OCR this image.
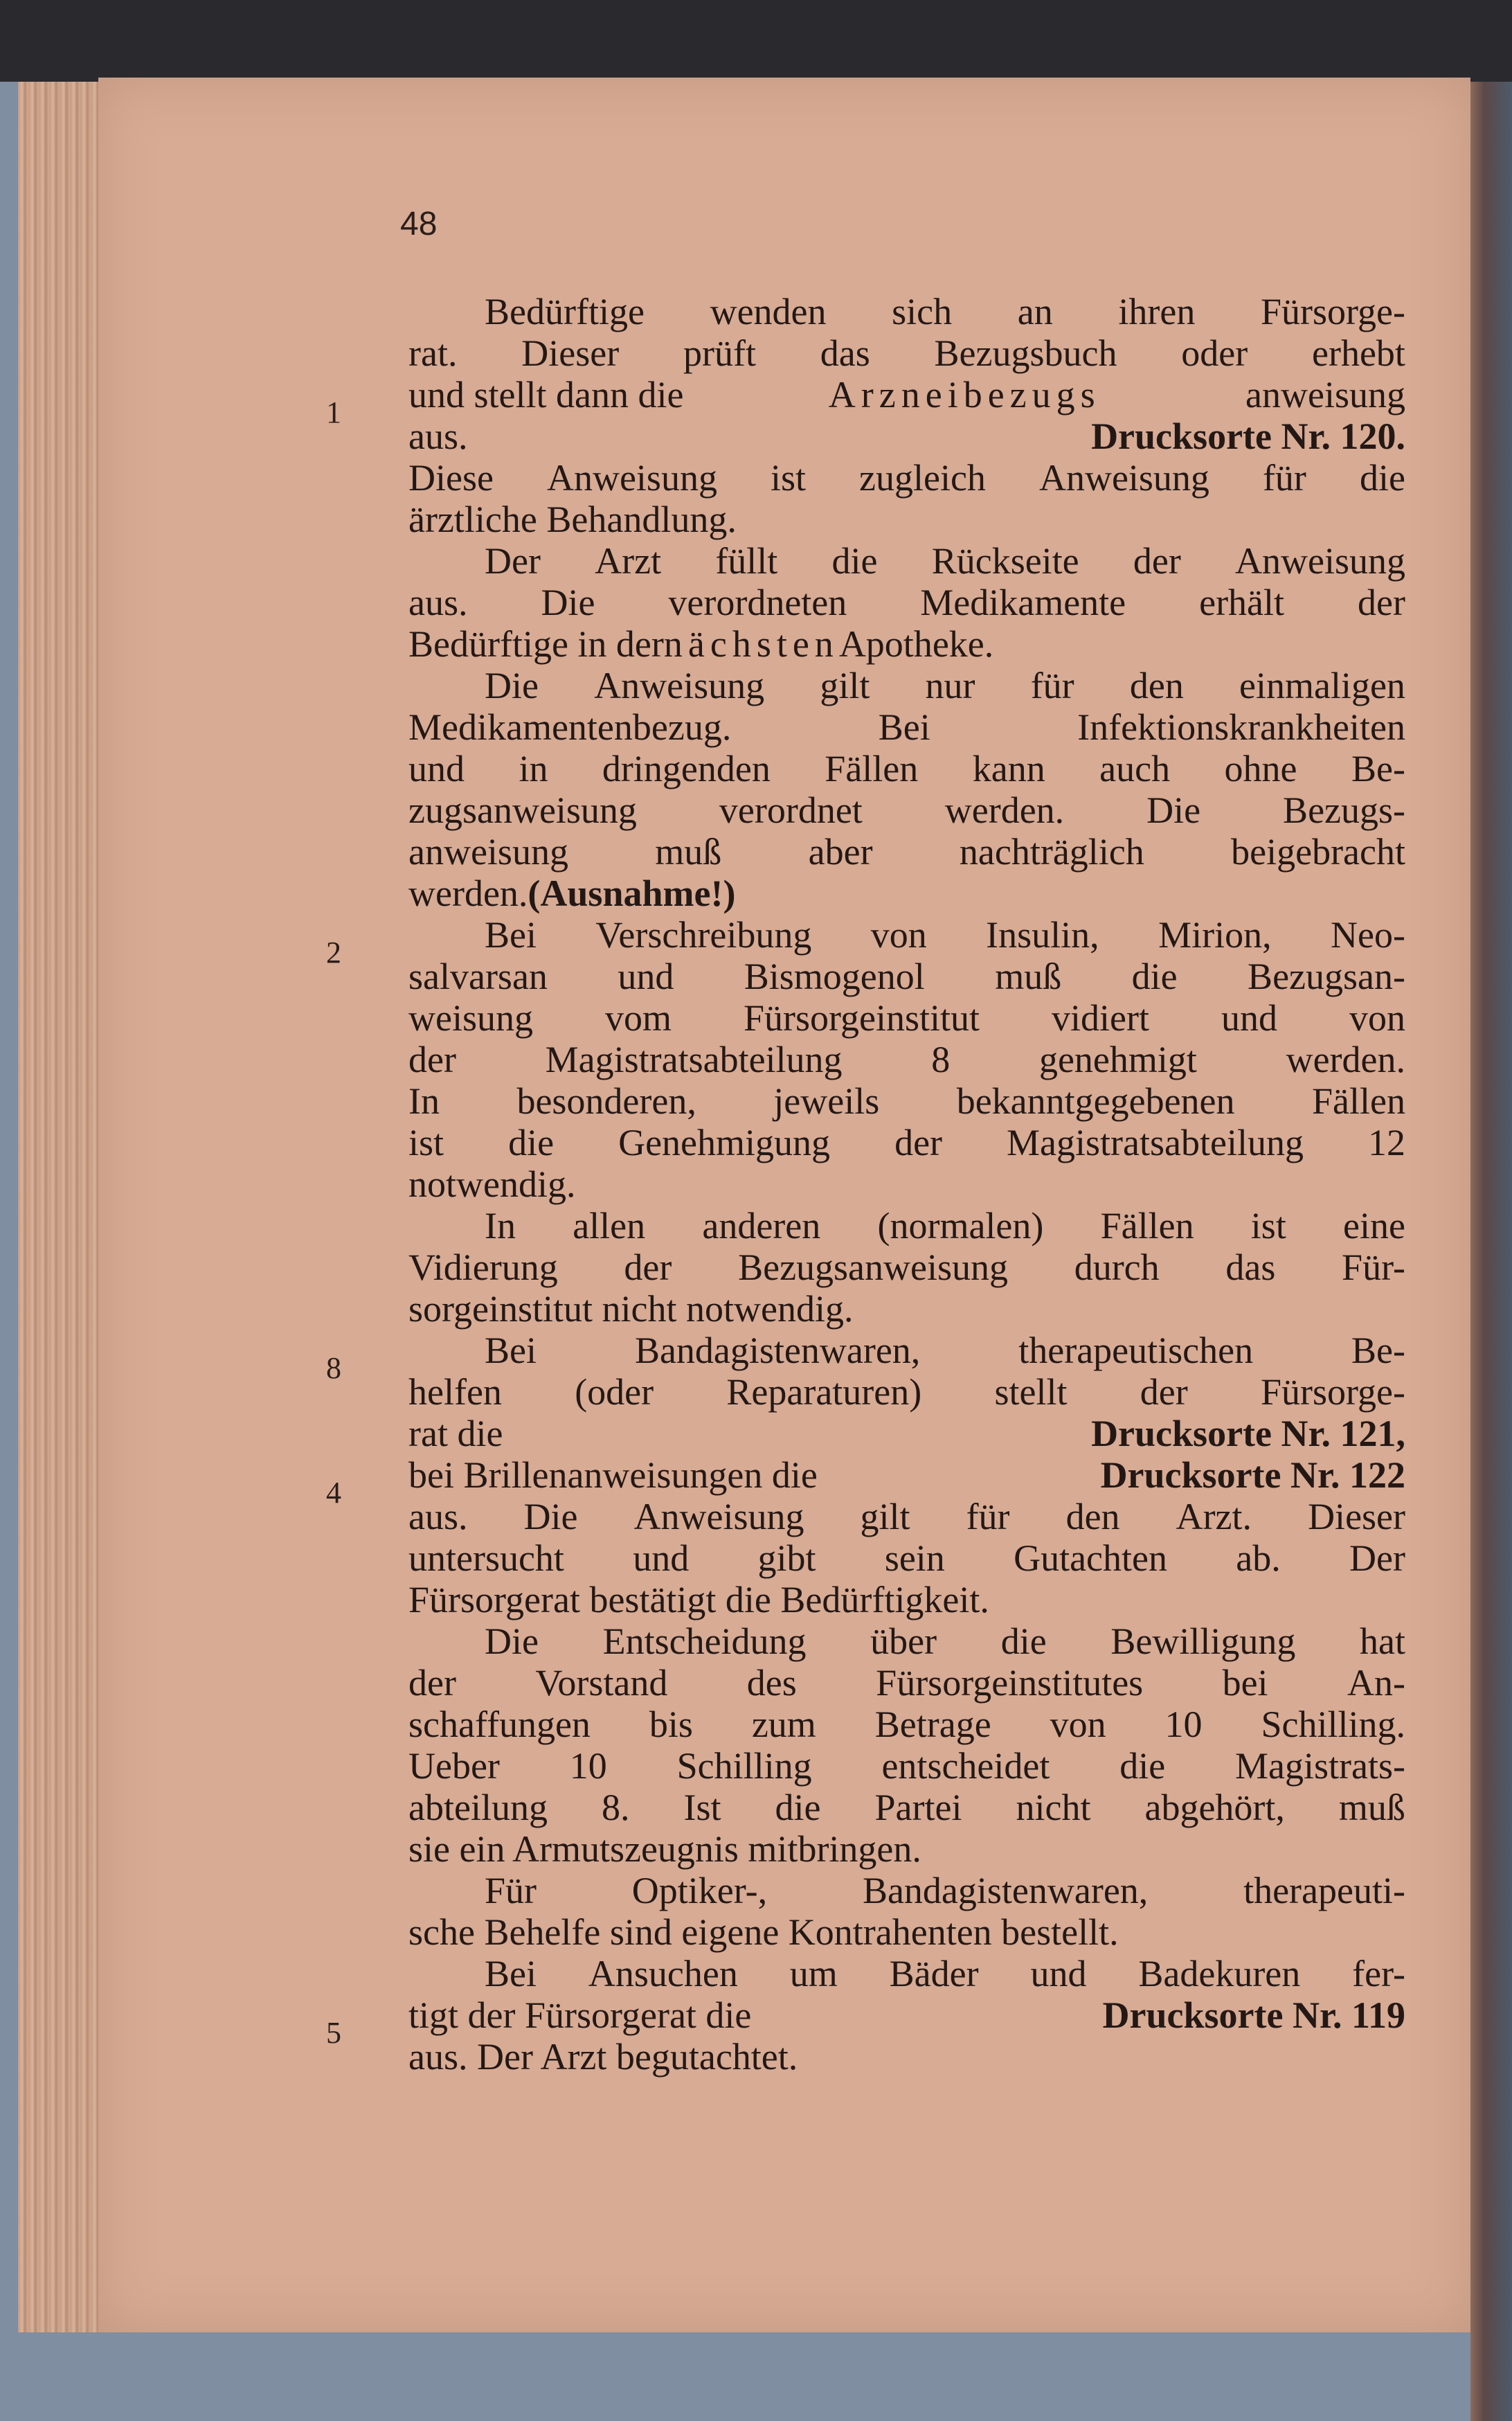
48

1
2
8
4
5
Bedürftige wenden sich an ihren Fürsorge-
rat. Dieser prüft das Bezugsbuch oder erhebt
und stellt dann die	Arzneibezugs	anweisung
aus.	Drucksorte Nr. 120.
Diese Anweisung ist zugleich Anweisung für die
ärztliche Behandlung.
Der Arzt füllt die Rückseite der Anweisung
aus. Die verordneten Medikamente erhält der
Bedürftige in der nächsten Apotheke.
Die Anweisung gilt nur für den einmaligen
Medikamentenbezug.	Bei	Infektionskrankheiten
und in dringenden Fällen kann auch ohne Be-
zugsanweisung verordnet werden. Die Bezugs-
anweisung muß aber nachträglich beigebracht
werden. (Ausnahme!)
Bei Verschreibung von Insulin, Mirion, Neo-
salvarsan und Bismogenol muß die Bezugsan-
weisung vom Fürsorgeinstitut vidiert und von
der Magistratsabteilung 8 genehmigt werden.
In besonderen, jeweils bekanntgegebenen Fällen
ist die Genehmigung der Magistratsabteilung 12
notwendig.
In allen anderen (normalen) Fällen ist eine
Vidierung der Bezugsanweisung durch das Für-
sorgeinstitut nicht notwendig.
Bei	Bandagistenwaren,	therapeutischen	Be-
helfen (oder Reparaturen) stellt der Fürsorge-
rat die	Drucksorte Nr. 121,
bei Brillenanweisungen die	Drucksorte Nr. 122
aus. Die Anweisung gilt für den Arzt. Dieser
untersucht und gibt sein Gutachten ab. Der
Fürsorgerat bestätigt die Bedürftigkeit.
Die Entscheidung über die Bewilligung hat
der Vorstand des Fürsorgeinstitutes bei An-
schaffungen bis zum Betrage von 10 Schilling.
Ueber 10 Schilling entscheidet die Magistrats-
abteilung 8. Ist die Partei nicht abgehört, muß
sie ein Armutszeugnis mitbringen.
Für	Optiker-,	Bandagistenwaren,	therapeuti-
sche Behelfe sind eigene Kontrahenten bestellt.
Bei Ansuchen um Bäder und Badekuren fer-
tigt der Fürsorgerat die	Drucksorte Nr. 119
aus. Der Arzt begutachtet.
